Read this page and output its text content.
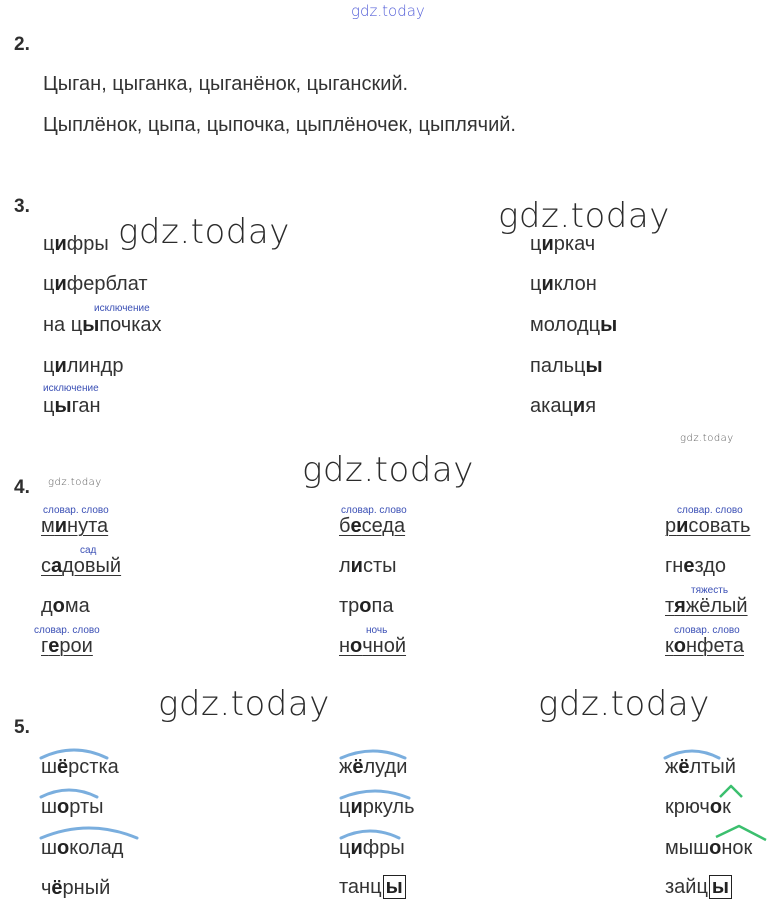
gdz.today
gdz.today	gdz.today
gdz.today
gdz.today
gdz.today
gdz.today	gdz.today
2.
Цыган, цыганка, цыганёнок, цыганский.
Цыплёнок, цыпа, цыпочка, цыплёночек, цыплячий.
3.
цифры
циферблат
исключение
на цыпочках
цилиндр
исключение
цыган
циркач
циклон
молодцы
пальцы
акация
4.
словар. слово
минута
сад
садовый
дома
словар. слово
герои
словар. слово
беседа
листы
тропа
ночь
ночной
словар. слово
рисовать
гнездо
тяжесть
тяжёлый
словар. слово
конфета
5.
шёрстка
шорты
шоколад
чёрный
жёлуди
циркуль
цифры
танц ы
жёлтый
крючок
мышонок
зайц ы
